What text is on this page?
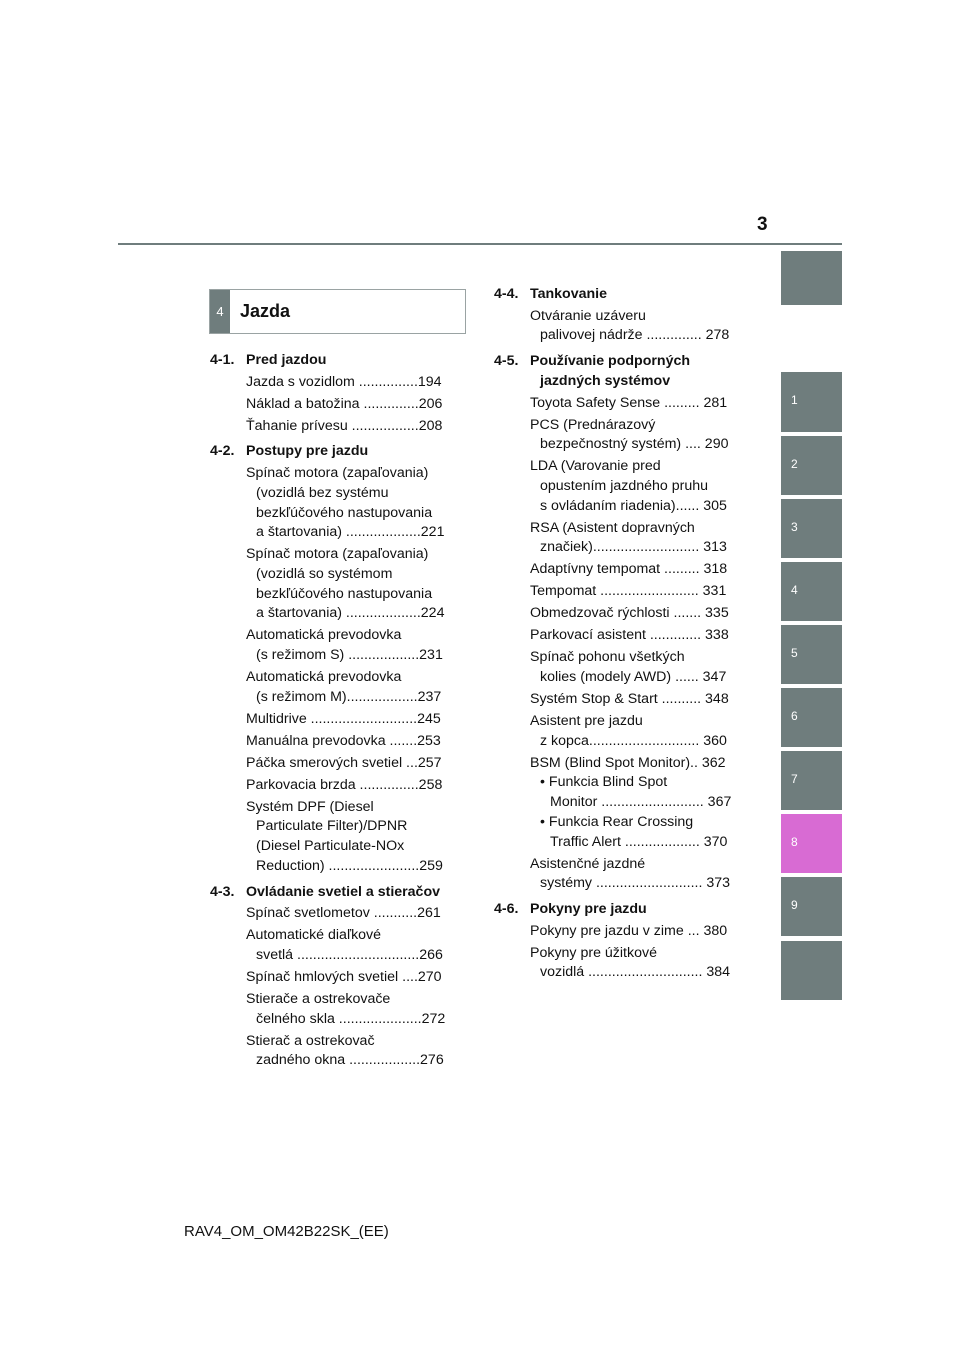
3
1
2
3
4
5
6
7
8
9
4 Jazda
4-1. Pred jazdou
Jazda s vozidlom ...............194
Náklad a batožina ..............206
Ťahanie prívesu .................208
4-2. Postupy pre jazdu
Spínač motora (zapaľovania)
(vozidlá bez systému
bezkľúčového nastupovania
a štartovania) ...................221
Spínač motora (zapaľovania)
(vozidlá so systémom
bezkľúčového nastupovania
a štartovania) ...................224
Automatická prevodovka
(s režimom S) ..................231
Automatická prevodovka
(s režimom M)..................237
Multidrive ...........................245
Manuálna prevodovka .......253
Páčka smerových svetiel ...257
Parkovacia brzda ...............258
Systém DPF (Diesel
Particulate Filter)/DPNR
(Diesel Particulate-NOx
Reduction) .......................259
4-3. Ovládanie svetiel a stieračov
Spínač svetlometov ...........261
Automatické diaľkové
svetlá ...............................266
Spínač hmlových svetiel ....270
Stierače a ostrekovače
čelného skla .....................272
Stierač a ostrekovač
zadného okna ..................276
4-4. Tankovanie
Otváranie uzáveru
palivovej nádrže .............. 278
4-5. Používanie podporných
jazdných systémov
Toyota Safety Sense ......... 281
PCS (Prednárazový
bezpečnostný systém) .... 290
LDA (Varovanie pred
opustením jazdného pruhu
s ovládaním riadenia)...... 305
RSA (Asistent dopravných
značiek)........................... 313
Adaptívny tempomat ......... 318
Tempomat ......................... 331
Obmedzovač rýchlosti ....... 335
Parkovací asistent ............. 338
Spínač pohonu všetkých
kolies (modely AWD) ...... 347
Systém Stop & Start .......... 348
Asistent pre jazdu
z kopca............................ 360
BSM (Blind Spot Monitor).. 362
• Funkcia Blind Spot
Monitor .......................... 367
• Funkcia Rear Crossing
Traffic Alert ................... 370
Asistenčné jazdné
systémy ........................... 373
4-6. Pokyny pre jazdu
Pokyny pre jazdu v zime ... 380
Pokyny pre úžitkové
vozidlá ............................. 384
RAV4_OM_OM42B22SK_(EE)
